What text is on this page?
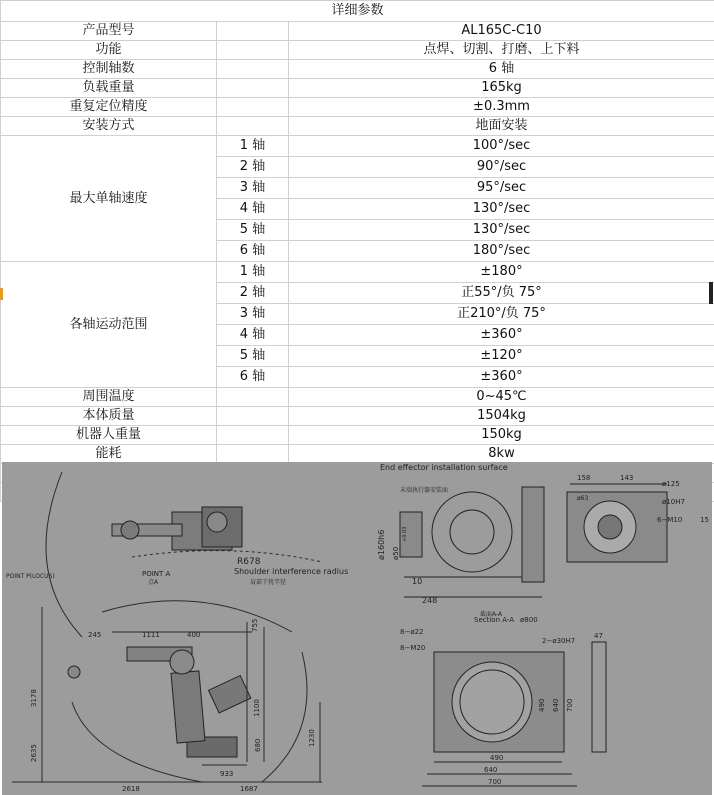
详细参数		
产品型号		AL165C-C10
功能		点焊、切割、打磨、上下料
控制轴数		6 轴
负载重量		165kg
重复定位精度		±0.3mm
安装方式		地面安装
最大单轴速度	1 轴	100°/sec
	2 轴	90°/sec
	3 轴	95°/sec
	4 轴	130°/sec
	5 轴	130°/sec
	6 轴	180°/sec
各轴运动范围	1 轴	±180°
	2 轴	正55°/负 75°
	3 轴	正210°/负 75°
	4 轴	±360°
	5 轴	±120°
	6 轴	±360°
周围温度		0~45℃
本体质量		1504kg
机器人重量		150kg
能耗		8kw

R678
Shoulder interference radius
肩部干扰半径
POINT A
点A
POINT P(LOCUS)
245	1111	400
755
1100
1230
680
3178
2635
2618
933
1687
End effector installation surface
末端执行器安装面
ø160h6 ø50
+0.03
10
248
158	143
ø125
ø63	ø10H7
6−M10	15
Section A-A
截面A-A
ø800
8−ø22
8−M20
2−ø30H7
47
490
640
700
490 640 700
